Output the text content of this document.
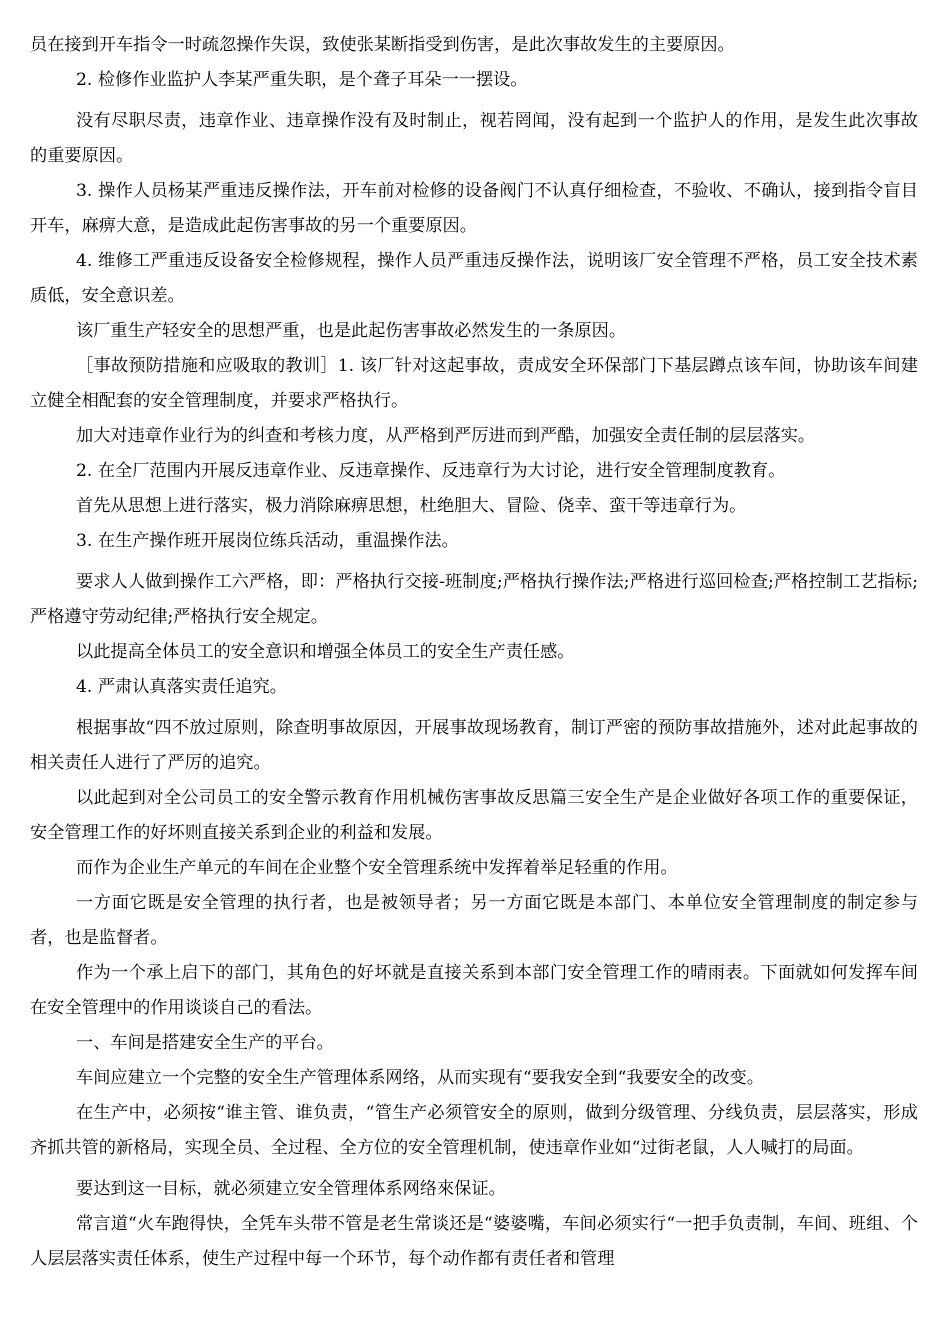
员在接到开车指令一时疏忽操作失误，致使张某断指受到伤害，是此次事故发生的主要原因。

2. 检修作业监护人李某严重失职，是个聋子耳朵一一摆设。

没有尽职尽责，违章作业、违章操作没有及时制止，视若罔闻，没有起到一个监护人的作用，是发生此次事故的重要原因。

3. 操作人员杨某严重违反操作法，开车前对检修的设备阀门不认真仔细检查，不验收、不确认，接到指令盲目开车，麻痹大意，是造成此起伤害事故的另一个重要原因。

4. 维修工严重违反设备安全检修规程，操作人员严重违反操作法，说明该厂安全管理不严格，员工安全技术素质低，安全意识差。

该厂重生产轻安全的思想严重，也是此起伤害事故必然发生的一条原因。

［事故预防措施和应吸取的教训］1. 该厂针对这起事故，责成安全环保部门下基层蹲点该车间，协助该车间建立健全相配套的安全管理制度，并要求严格执行。

加大对违章作业行为的纠查和考核力度，从严格到严厉进而到严酷，加强安全责任制的层层落实。

2. 在全厂范围内开展反违章作业、反违章操作、反违章行为大讨论，进行安全管理制度教育。

首先从思想上进行落实，极力消除麻痹思想，杜绝胆大、冒险、侥幸、蛮干等违章行为。

3. 在生产操作班开展岗位练兵活动，重温操作法。

要求人人做到操作工六严格，即：严格执行交接-班制度;严格执行操作法;严格进行巡回检查;严格控制工艺指标;严格遵守劳动纪律;严格执行安全规定。

以此提高全体员工的安全意识和增强全体员工的安全生产责任感。

4. 严肃认真落实责任追究。

根据事故“四不放过原则，除查明事故原因，开展事故现场教育，制订严密的预防事故措施外，述对此起事故的相关责任人进行了严厉的追究。

以此起到对全公司员工的安全警示教育作用机械伤害事故反思篇三安全生产是企业做好各项工作的重要保证，安全管理工作的好坏则直接关系到企业的利益和发展。

而作为企业生产单元的车间在企业整个安全管理系统中发挥着举足轻重的作用。

一方面它既是安全管理的执行者，也是被领导者；另一方面它既是本部门、本单位安全管理制度的制定参与者，也是监督者。

作为一个承上启下的部门，其角色的好坏就是直接关系到本部门安全管理工作的晴雨表。下面就如何发挥车间在安全管理中的作用谈谈自己的看法。

一、车间是搭建安全生产的平台。

车间应建立一个完整的安全生产管理体系网络，从而实现有“要我安全到“我要安全的改变。

在生产中，必须按“谁主管、谁负责，“管生产必须管安全的原则，做到分级管理、分线负责，层层落实，形成齐抓共管的新格局，实现全员、全过程、全方位的安全管理机制，使违章作业如“过街老鼠，人人喊打的局面。

要达到这一目标，就必须建立安全管理体系网络來保证。

常言道“火车跑得快，全凭车头带不管是老生常谈还是“婆婆嘴，车间必须实行“一把手负责制，车间、班组、个人层层落实责任体系，使生产过程中每一个环节，每个动作都有责任者和管理
